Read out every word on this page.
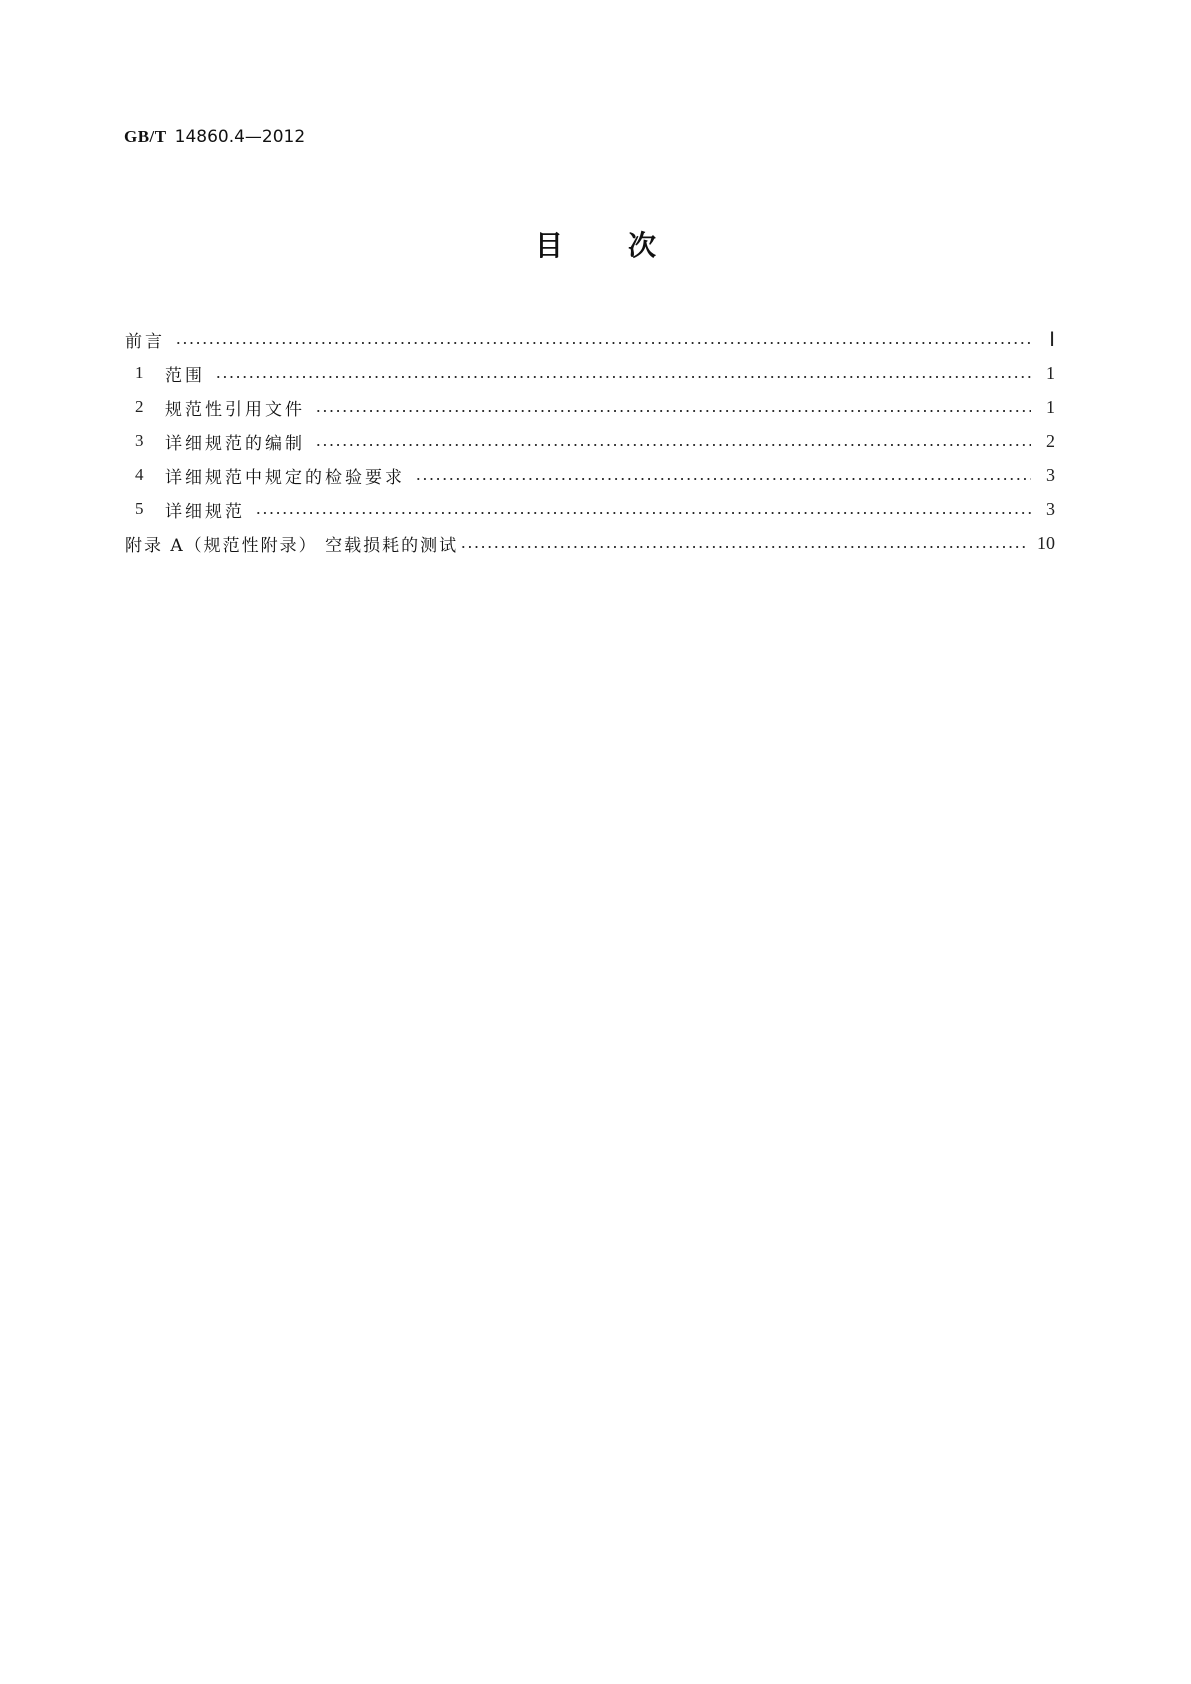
GB/T 14860.4—2012
目 次
前言	Ⅰ
1	范围	1
2	规范性引用文件	1
3	详细规范的编制	2
4	详细规范中规定的检验要求	3
5	详细规范	3
附录 A（规范性附录） 空载损耗的测试	10
